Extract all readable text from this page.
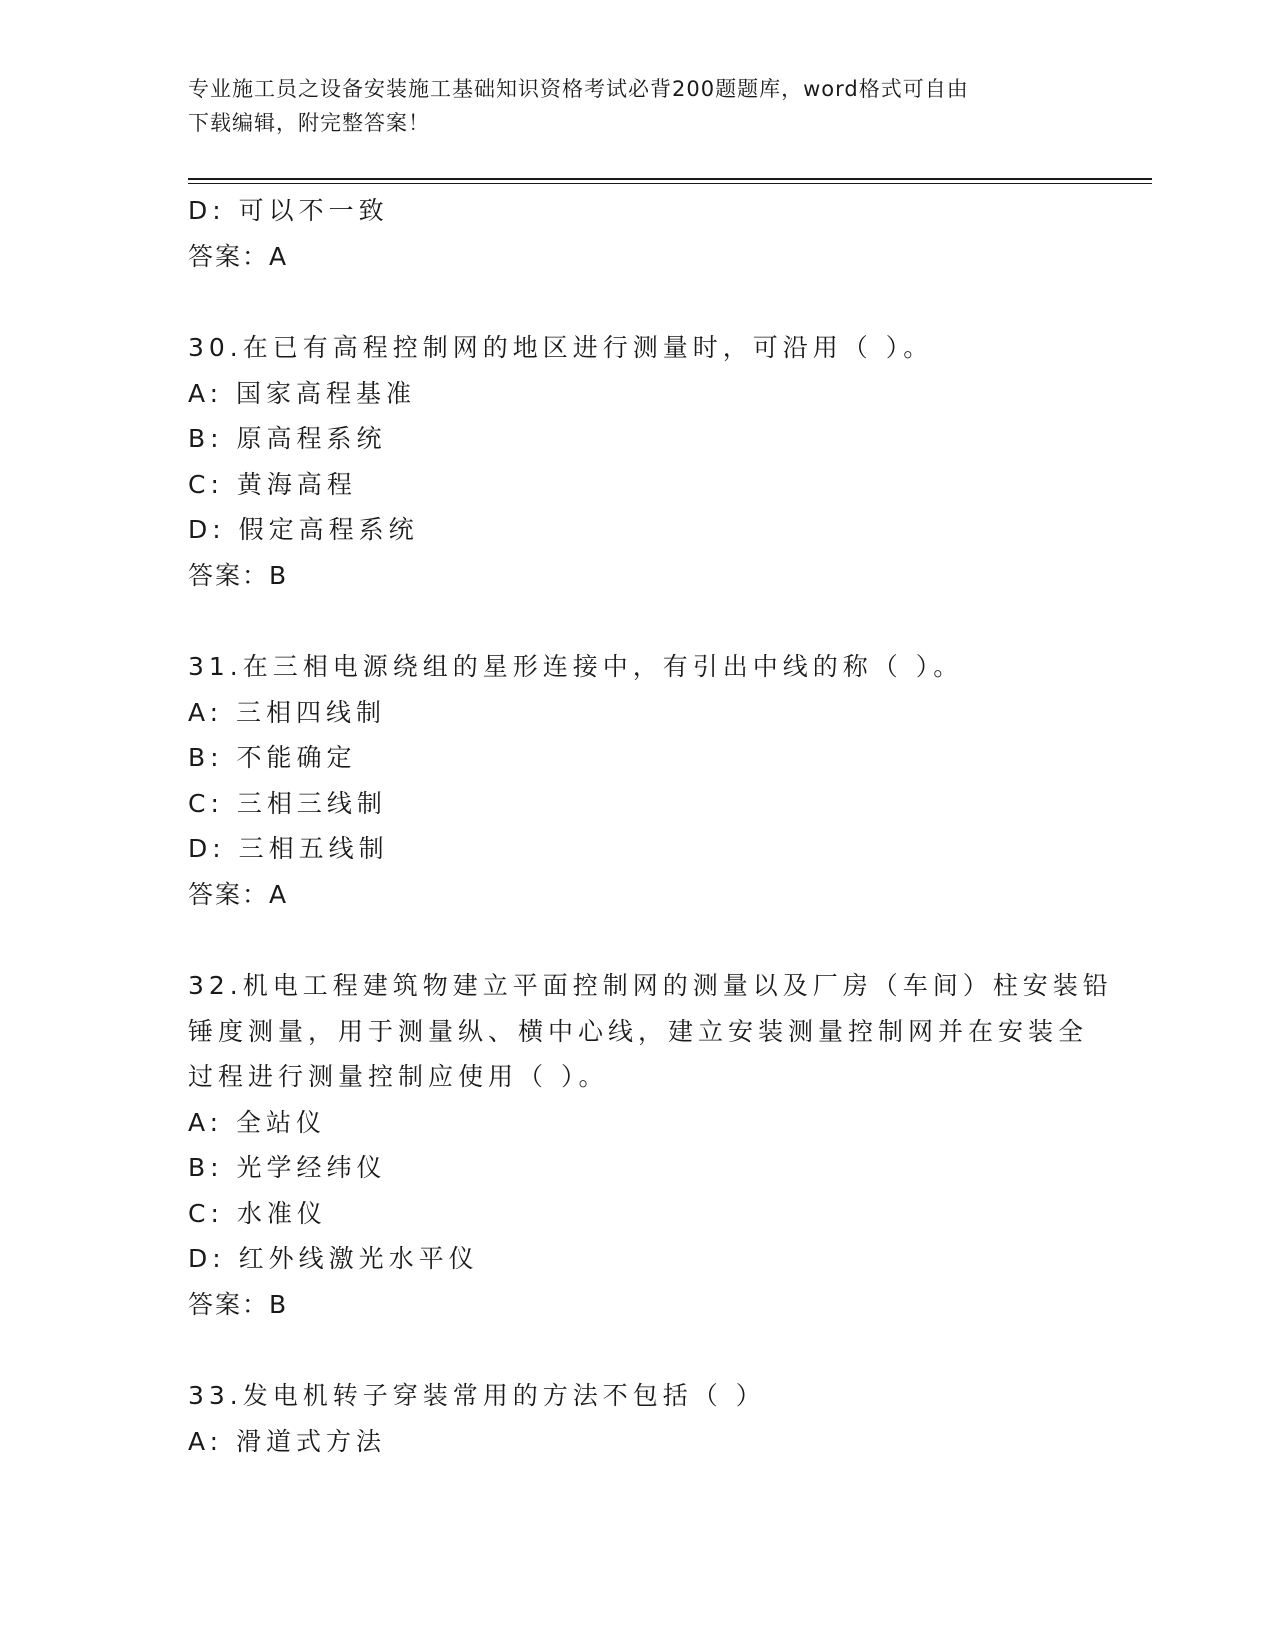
专业施工员之设备安装施工基础知识资格考试必背200题题库，word格式可自由
下载编辑，附完整答案！
D: 可以不一致
答案：A
30.在已有高程控制网的地区进行测量时，可沿用（ ）。
A: 国家高程基准
B: 原高程系统
C: 黄海高程
D: 假定高程系统
答案：B
31.在三相电源绕组的星形连接中，有引出中线的称（ ）。
A: 三相四线制
B: 不能确定
C: 三相三线制
D: 三相五线制
答案：A
32.机电工程建筑物建立平面控制网的测量以及厂房（车间）柱安装铅
锤度测量，用于测量纵、横中心线，建立安装测量控制网并在安装全
过程进行测量控制应使用（ ）。
A: 全站仪
B: 光学经纬仪
C: 水准仪
D: 红外线激光水平仪
答案：B
33.发电机转子穿装常用的方法不包括（ ）
A: 滑道式方法
